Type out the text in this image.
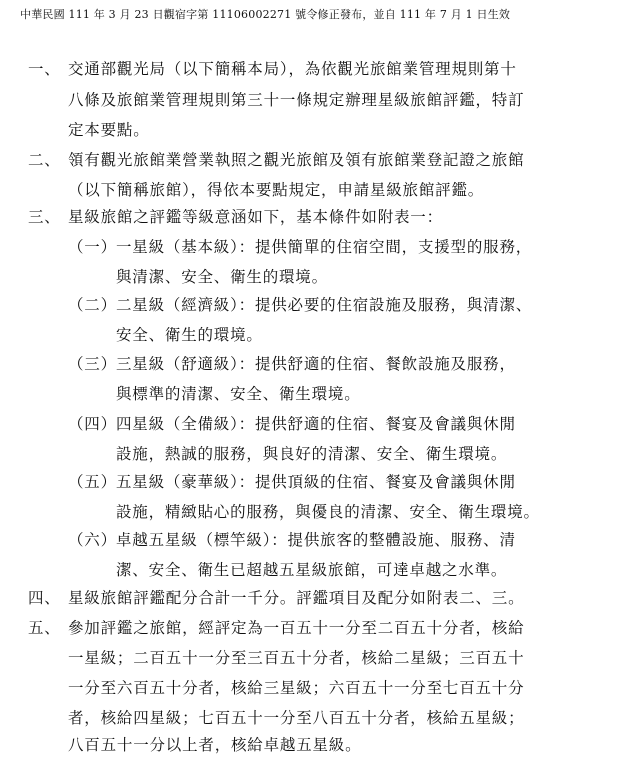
中華民國 111 年 3 月 23 日觀宿字第 11106002271 號令修正發布，並自 111 年 7 月 1 日生效
一、 交通部觀光局（以下簡稱本局），為依觀光旅館業管理規則第十
八條及旅館業管理規則第三十一條規定辦理星級旅館評鑑，特訂
定本要點。
二、 領有觀光旅館業營業執照之觀光旅館及領有旅館業登記證之旅館
（以下簡稱旅館），得依本要點規定，申請星級旅館評鑑。
三、 星級旅館之評鑑等級意涵如下，基本條件如附表一：
（一）一星級（基本級）：提供簡單的住宿空間，支援型的服務，
與清潔、安全、衛生的環境。
（二）二星級（經濟級）：提供必要的住宿設施及服務，與清潔、
安全、衛生的環境。
（三）三星級（舒適級）：提供舒適的住宿、餐飲設施及服務，
與標準的清潔、安全、衛生環境。
（四）四星級（全備級）：提供舒適的住宿、餐宴及會議與休閒
設施，熱誠的服務，與良好的清潔、安全、衛生環境。
（五）五星級（豪華級）：提供頂級的住宿、餐宴及會議與休閒
設施，精緻貼心的服務，與優良的清潔、安全、衛生環境。
（六）卓越五星級（標竿級）：提供旅客的整體設施、服務、清
潔、安全、衛生已超越五星級旅館，可達卓越之水準。
四、 星級旅館評鑑配分合計一千分。評鑑項目及配分如附表二、三。
五、 參加評鑑之旅館，經評定為一百五十一分至二百五十分者，核給
一星級；二百五十一分至三百五十分者，核給二星級；三百五十
一分至六百五十分者，核給三星級；六百五十一分至七百五十分
者，核給四星級；七百五十一分至八百五十分者，核給五星級；
八百五十一分以上者，核給卓越五星級。
